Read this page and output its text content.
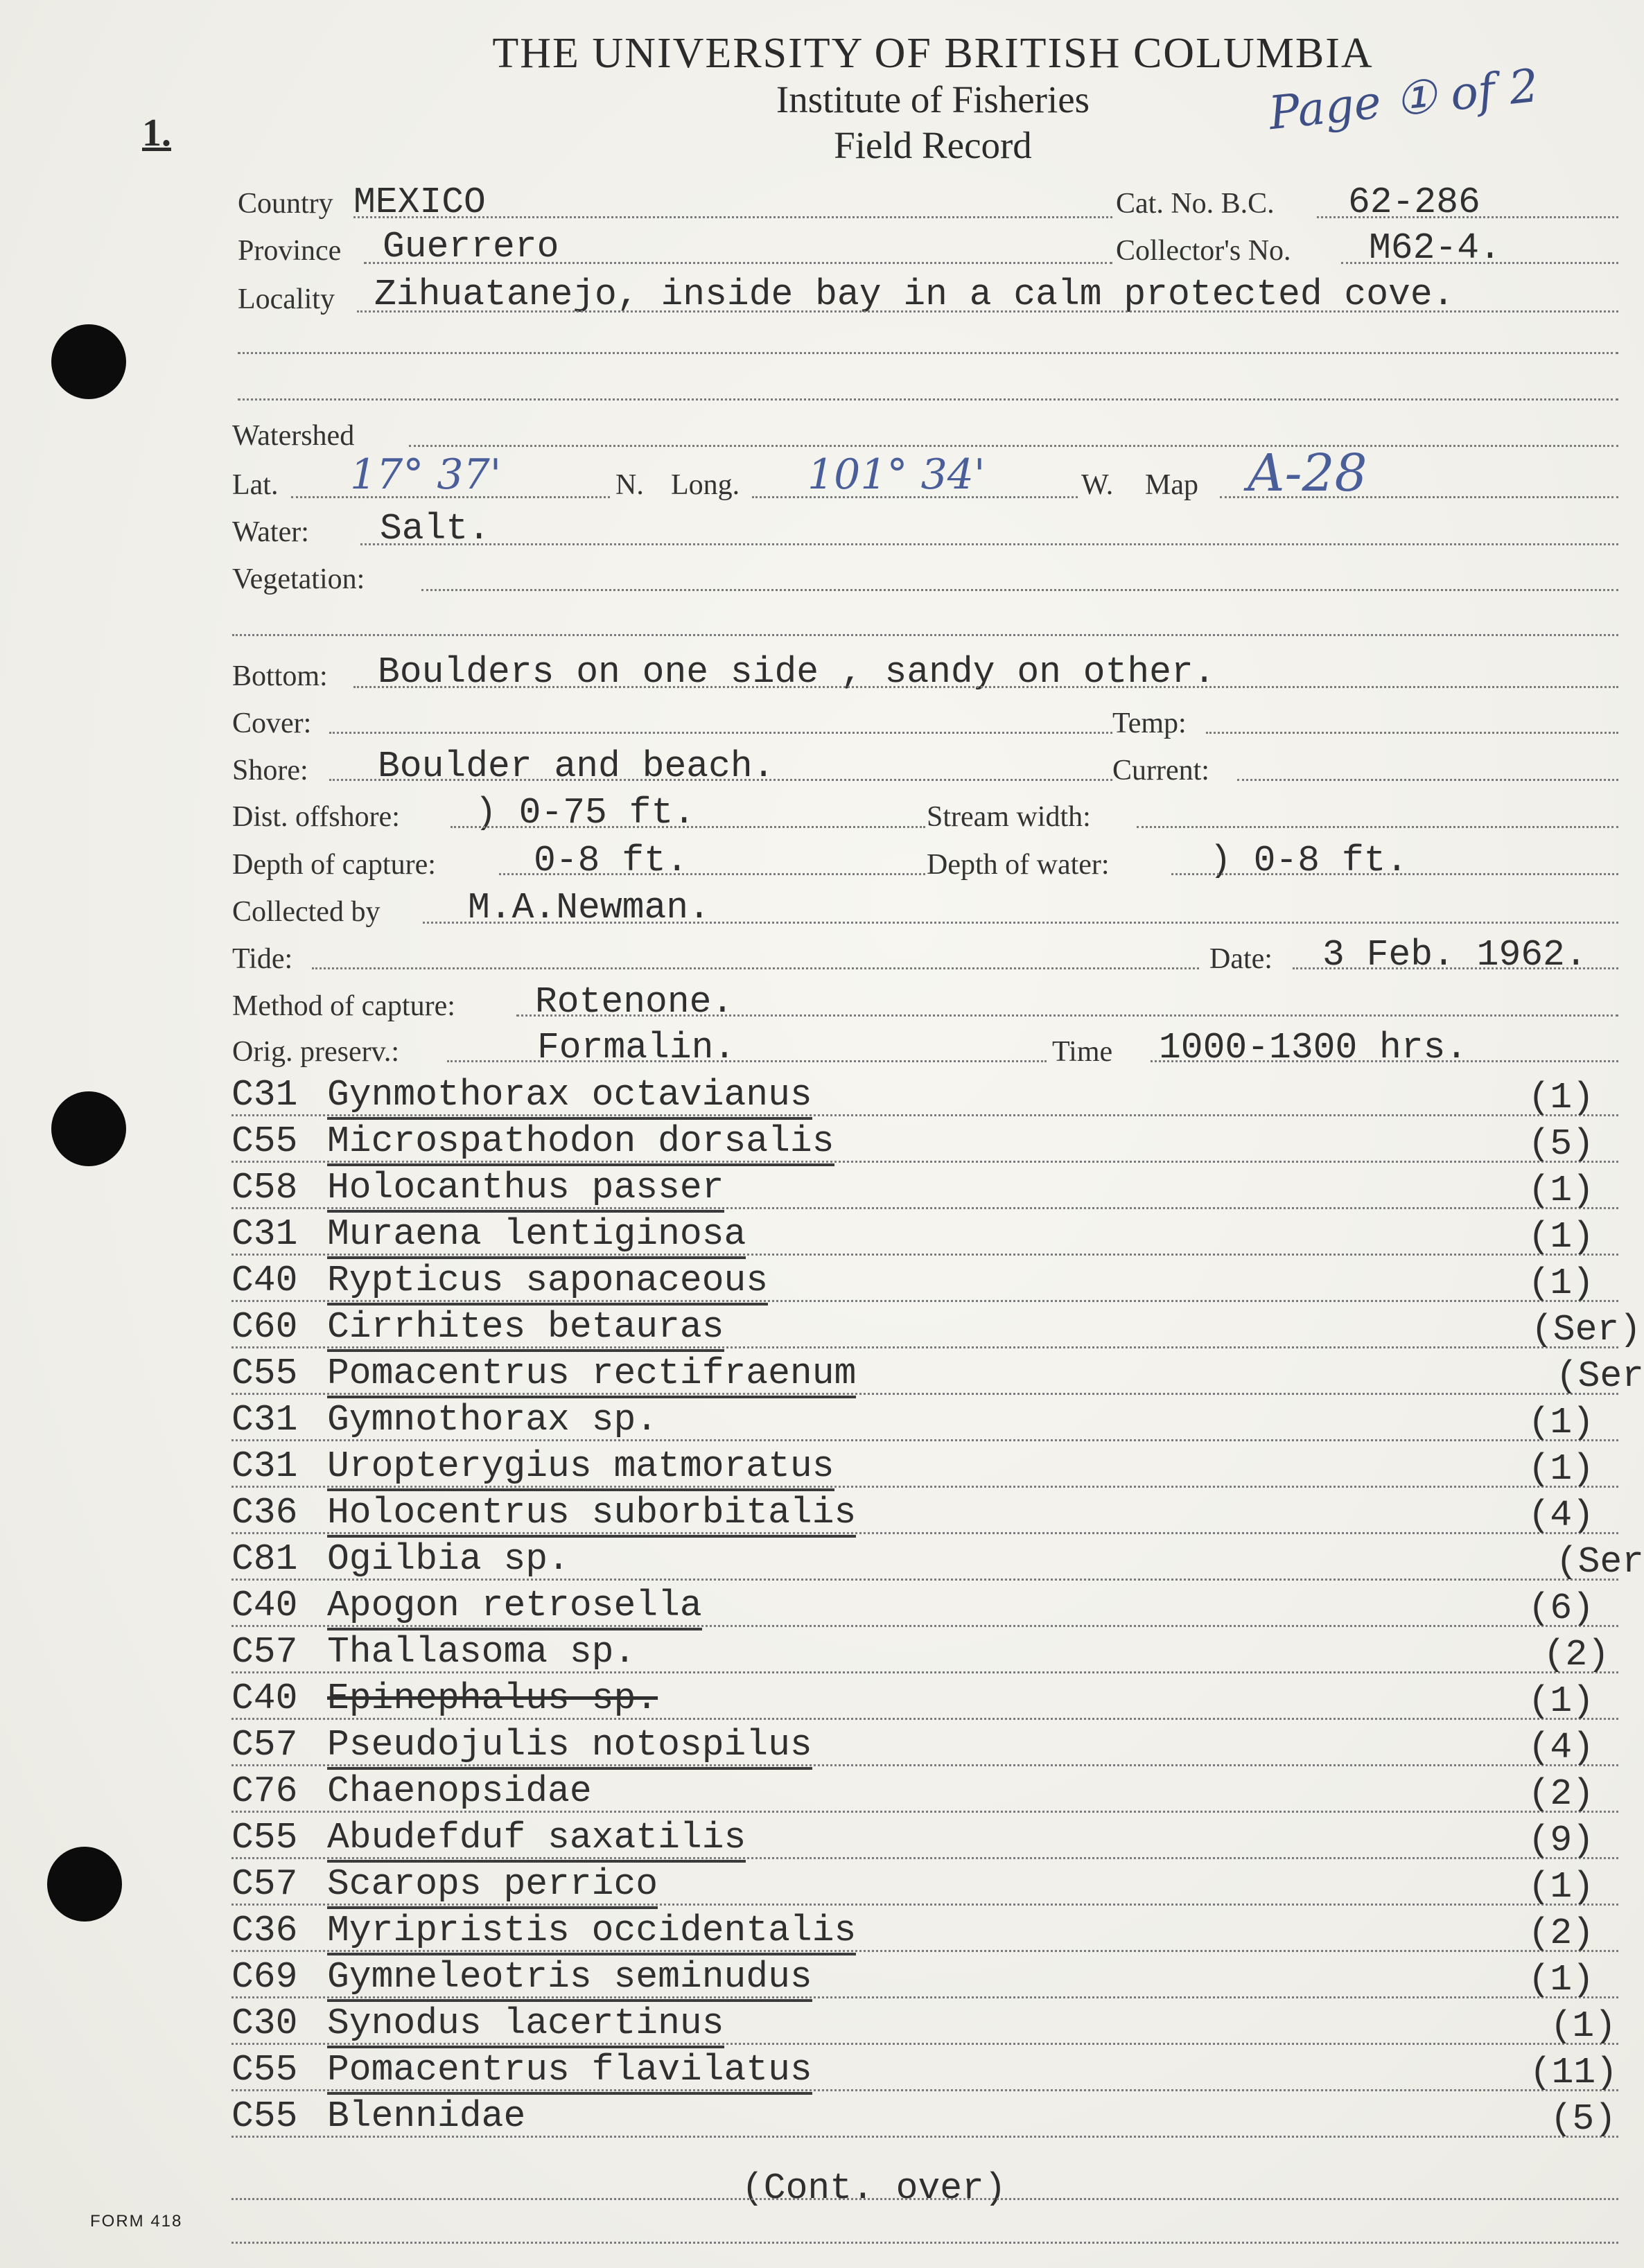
THE UNIVERSITY OF BRITISH COLUMBIA
Institute of Fisheries
Field Record
Page ① of 2
1.
Country MEXICO	Cat. No. B.C. 62-286
Province Guerrero	Collector's No. M62-4.
Locality Zihuatanejo, inside bay in a calm protected cove.
Watershed
Lat. 17° 37'	N. Long. 101° 34'	W. Map A-28
Water: Salt.
Vegetation:
Bottom: Boulders on one side , sandy on other.
Cover:	Temp:
Shore: Boulder and beach.	Current:
Dist. offshore: ) 0-75 ft.	Stream width:
Depth of capture:	0-8 ft.	Depth of water:	) 0-8 ft.
Collected by M.A.Newman.
Tide:	Date: 3 Feb. 1962.
Method of capture: Rotenone.
Orig. preserv.:	Formalin.	Time 1000-1300 hrs.
C31 Gynmothorax octavianus	(1)
C55 Microspathodon dorsalis	(5)
C58 Holocanthus passer	(1)
C31 Muraena lentiginosa	(1)
C40 Rypticus saponaceous	(1)
C60 Cirrhites betauras	(Ser)
C55 Pomacentrus rectifraenum	(Ser
C31 Gymnothorax sp.	(1)
C31 Uropterygius matmoratus	(1)
C36 Holocentrus suborbitalis	(4)
C81 Ogilbia sp.	(Ser
C40 Apogon retrosella	(6)
C57 Thallasoma sp.	(2)
C40 Epinephalus sp.	(1)
C57 Pseudojulis notospilus	(4)
C76 Chaenopsidae	(2)
C55 Abudefduf saxatilis	(9)
C57 Scarops perrico	(1)
C36 Myripristis occidentalis	(2)
C69 Gymneleotris seminudus	(1)
C30 Synodus lacertinus	(1)
C55 Pomacentrus flavilatus	(11)
C55 Blennidae	(5)
(Cont. over)
FORM 418
